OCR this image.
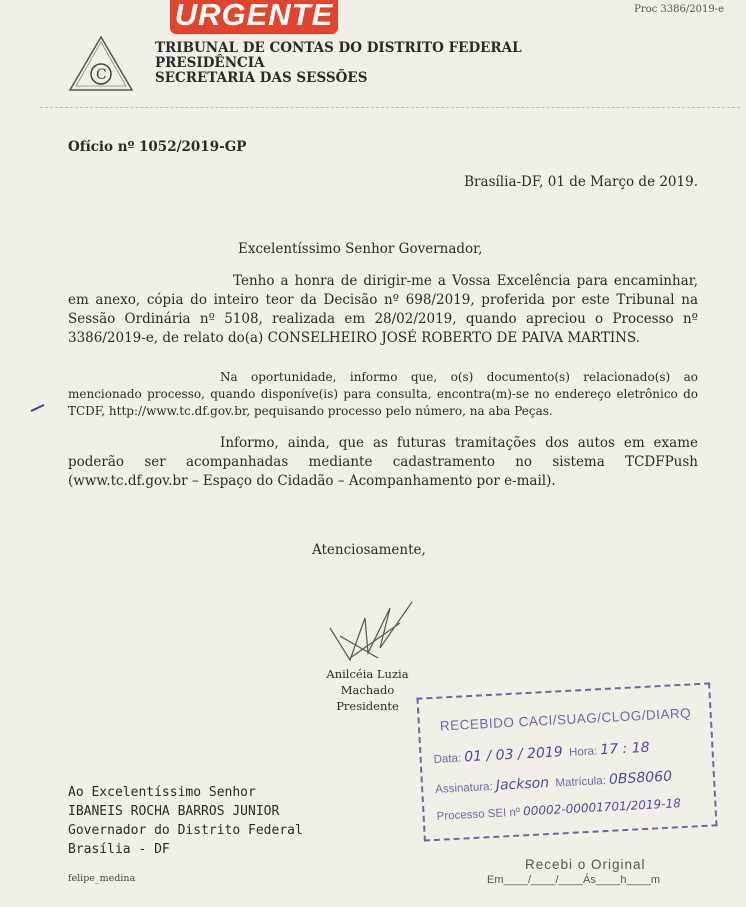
URGENTE	Proc 3386/2019-e
C
TRIBUNAL DE CONTAS DO DISTRITO FEDERAL
PRESIDÊNCIA
SECRETARIA DAS SESSÕES
Ofício nº 1052/2019-GP
Brasília-DF, 01 de Março de 2019.
Excelentíssimo Senhor Governador,
Tenho a honra de dirigir-me a Vossa Excelência para encaminhar, em anexo, cópia do inteiro teor da Decisão nº 698/2019, proferida por este Tribunal na Sessão Ordinária nº 5108, realizada em 28/02/2019, quando apreciou o Processo nº 3386/2019-e, de relato do(a) CONSELHEIRO JOSÉ ROBERTO DE PAIVA MARTINS.
Na oportunidade, informo que, o(s) documento(s) relacionado(s) ao mencionado processo, quando disponíve(is) para consulta, encontra(m)-se no endereço eletrônico do TCDF, http://www.tc.df.gov.br, pequisando processo pelo número, na aba Peças.
Informo, ainda, que as futuras tramitações dos autos em exame poderão ser acompanhadas mediante cadastramento no sistema TCDFPush (www.tc.df.gov.br – Espaço do Cidadão – Acompanhamento por e-mail).
Atenciosamente,
Anilcéia Luzia Machado
Presidente	RECEBIDO CACI/SUAG/CLOG/DIARQ
Data: 01 / 03 / 2019 Hora: 17 : 18
Assinatura: Jackson Matrícula: 0BS8060
Processo SEI nº 00002-00001701/2019-18
Ao Excelentíssimo Senhor
IBANEIS ROCHA BARROS JUNIOR
Governador do Distrito Federal
Brasília - DF
Recebi o Original
Em____/____/____Ás____h____m
felipe_medina
